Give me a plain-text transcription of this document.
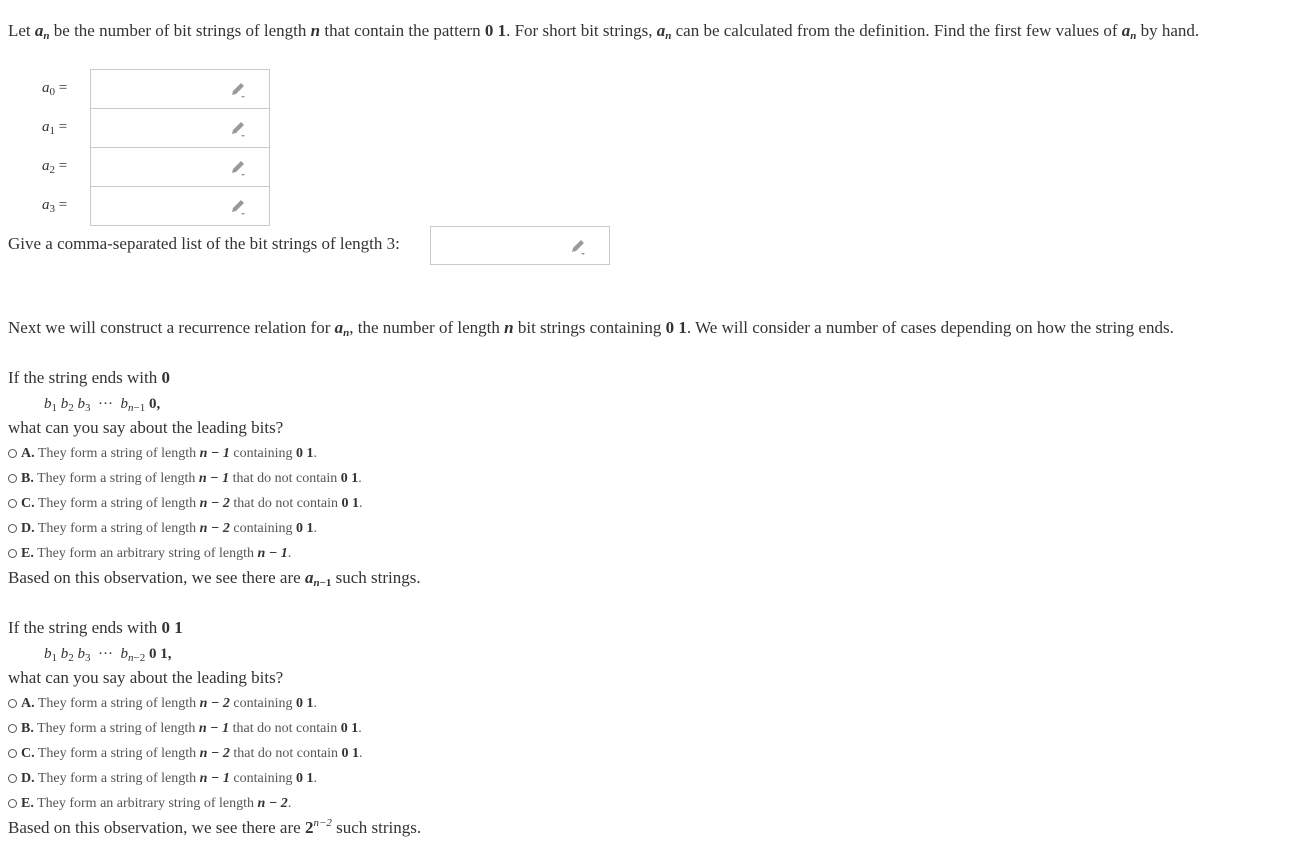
Let $a_n$ be the number of bit strings of length n that contain the pattern 0 1. For short bit strings, $a_n$ can be calculated from the definition. Find the first few values of $a_n$ by hand.
$a_0$ =
$a_1$ =
$a_2$ =
$a_3$ =
Give a comma-separated list of the bit strings of length 3:
Next we will construct a recurrence relation for $a_n$, the number of length n bit strings containing 0 1. We will consider a number of cases depending on how the string ends.
If the string ends with 0
$b_1$ $b_2$ $b_3$ ··· $b_{n-1}$ 0,
what can you say about the leading bits?
A. They form a string of length n − 1 containing 0 1.
B. They form a string of length n − 1 that do not contain 0 1.
C. They form a string of length n − 2 that do not contain 0 1.
D. They form a string of length n − 2 containing 0 1.
E. They form an arbitrary string of length n − 1.
Based on this observation, we see there are $a_{n-1}$ such strings.
If the string ends with 0 1
$b_1$ $b_2$ $b_3$ ··· $b_{n-2}$ 0 1,
what can you say about the leading bits?
A. They form a string of length n − 2 containing 0 1.
B. They form a string of length n − 1 that do not contain 0 1.
C. They form a string of length n − 2 that do not contain 0 1.
D. They form a string of length n − 1 containing 0 1.
E. They form an arbitrary string of length n − 2.
Based on this observation, we see there are $2^{n-2}$ such strings.
